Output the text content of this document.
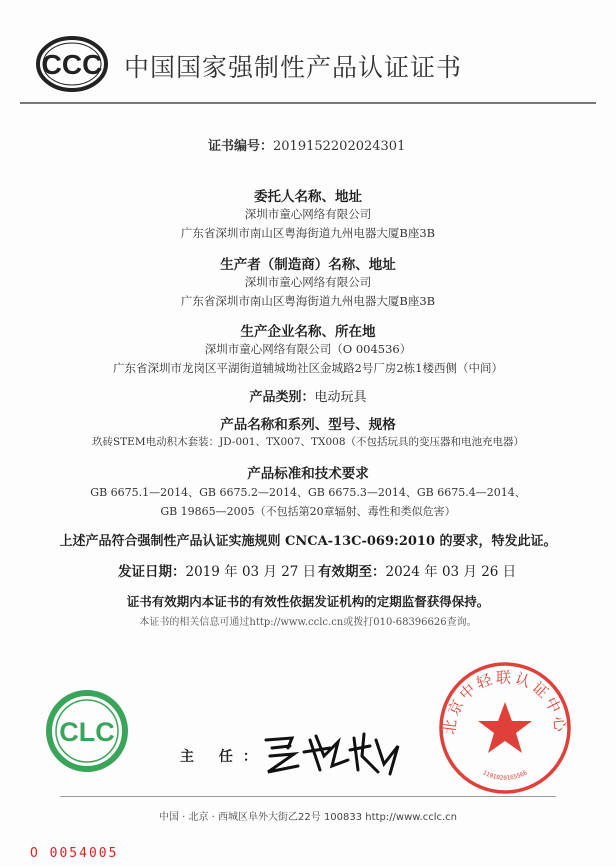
CCC 中国国家强制性产品认证证书
证书编号：2019152202024301
委托人名称、地址
深圳市童心网络有限公司
广东省深圳市南山区粤海街道九州电器大厦B座3B
生产者（制造商）名称、地址
深圳市童心网络有限公司
广东省深圳市南山区粤海街道九州电器大厦B座3B
生产企业名称、所在地
深圳市童心网络有限公司（O 004536）
广东省深圳市龙岗区平湖街道辅城坳社区金城路2号厂房2栋1楼西侧（中间）
产品类别：电动玩具
产品名称和系列、型号、规格
玖砖STEM电动积木套装：JD-001、TX007、TX008（不包括玩具的变压器和电池充电器）
产品标准和技术要求
GB 6675.1—2014、GB 6675.2—2014、GB 6675.3—2014、GB 6675.4—2014、
GB 19865—2005（不包括第20章辐射、毒性和类似危害）
上述产品符合强制性产品认证实施规则 CNCA-13C-069:2010 的要求，特发此证。
发证日期：2019 年 03 月 27 日 有效期至：2024 年 03 月 26 日
证书有效期内本证书的有效性依据发证机构的定期监督获得保持。
本证书的相关信息可通过http://www.cclc.cn或拨打010-68396626查询。
CLC
主 任：
北京中轻联认证中心
1101020165566
中国 · 北京 · 西城区阜外大街乙22号 100833 http://www.cclc.cn
O 0054005
